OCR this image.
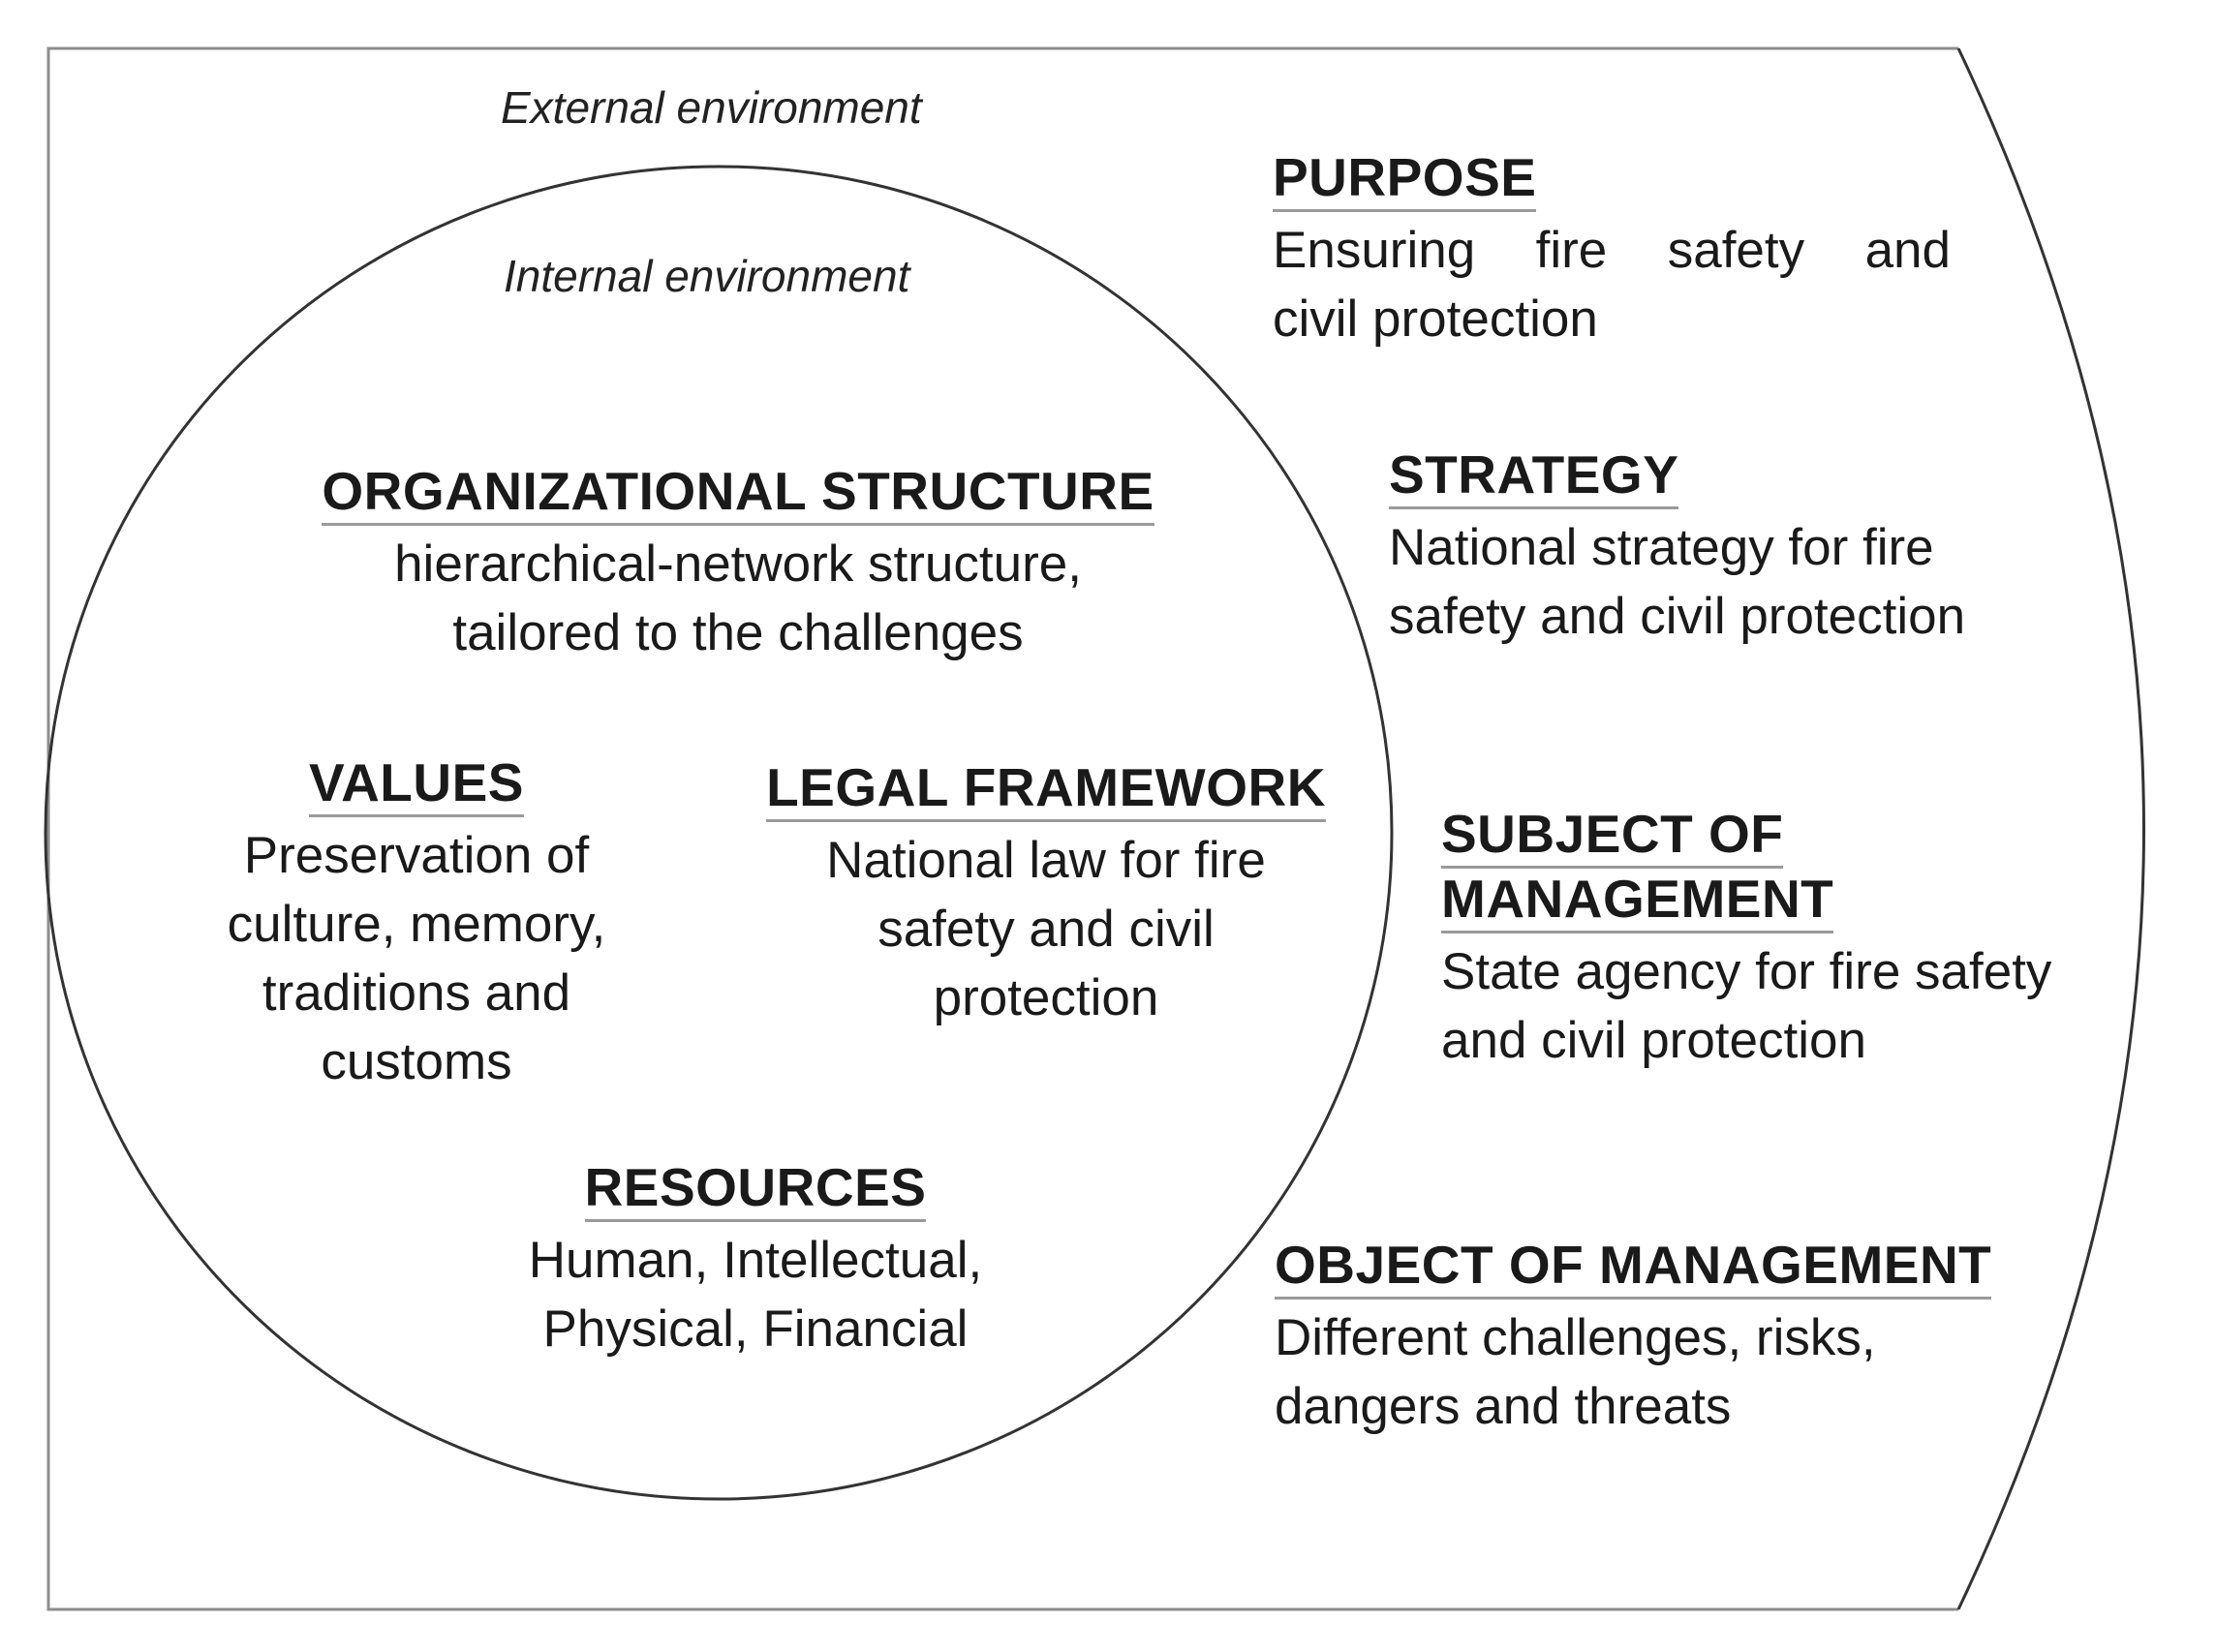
External environment
Internal environment
ORGANIZATIONAL STRUCTURE
hierarchical-network structure,
tailored to the challenges
VALUES
Preservation of
culture, memory,
traditions and
customs
LEGAL FRAMEWORK
National law for fire
safety and civil
protection
RESOURCES
Human, Intellectual,
Physical, Financial
PURPOSE
Ensuring fire safety and
civil protection
STRATEGY
National strategy for fire
safety and civil protection
SUBJECT OF
MANAGEMENT
State agency for fire safety
and civil protection
OBJECT OF MANAGEMENT
Different challenges, risks,
dangers and threats
